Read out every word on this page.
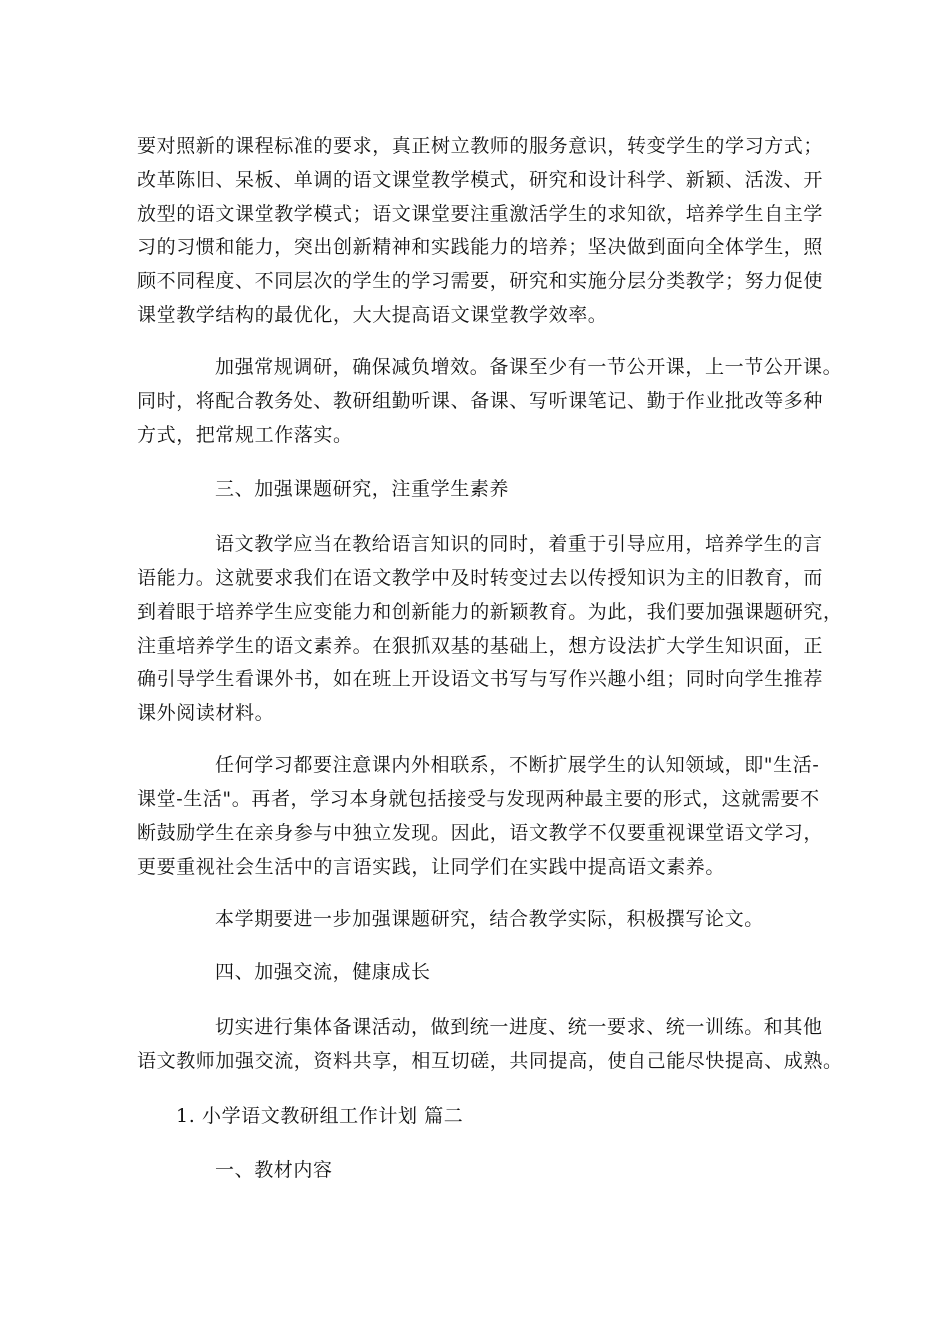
要对照新的课程标准的要求，真正树立教师的服务意识，转变学生的学习方式；

改革陈旧、呆板、单调的语文课堂教学模式，研究和设计科学、新颖、活泼、开

放型的语文课堂教学模式；语文课堂要注重激活学生的求知欲，培养学生自主学

习的习惯和能力，突出创新精神和实践能力的培养；坚决做到面向全体学生，照

顾不同程度、不同层次的学生的学习需要，研究和实施分层分类教学；努力促使

课堂教学结构的最优化，大大提高语文课堂教学效率。

加强常规调研，确保减负增效。备课至少有一节公开课，上一节公开课。

同时，将配合教务处、教研组勤听课、备课、写听课笔记、勤于作业批改等多种

方式，把常规工作落实。

三、加强课题研究，注重学生素养

语文教学应当在教给语言知识的同时，着重于引导应用，培养学生的言

语能力。这就要求我们在语文教学中及时转变过去以传授知识为主的旧教育，而

到着眼于培养学生应变能力和创新能力的新颖教育。为此，我们要加强课题研究，

注重培养学生的语文素养。在狠抓双基的基础上，想方设法扩大学生知识面，正

确引导学生看课外书，如在班上开设语文书写与写作兴趣小组；同时向学生推荐

课外阅读材料。

任何学习都要注意课内外相联系，不断扩展学生的认知领域，即"生活-

课堂-生活"。再者，学习本身就包括接受与发现两种最主要的形式，这就需要不

断鼓励学生在亲身参与中独立发现。因此，语文教学不仅要重视课堂语文学习，

更要重视社会生活中的言语实践，让同学们在实践中提高语文素养。

本学期要进一步加强课题研究，结合教学实际，积极撰写论文。

四、加强交流，健康成长

切实进行集体备课活动，做到统一进度、统一要求、统一训练。和其他

语文教师加强交流，资料共享，相互切磋，共同提高，使自己能尽快提高、成熟。

1. 小学语文教研组工作计划 篇二

一、教材内容
